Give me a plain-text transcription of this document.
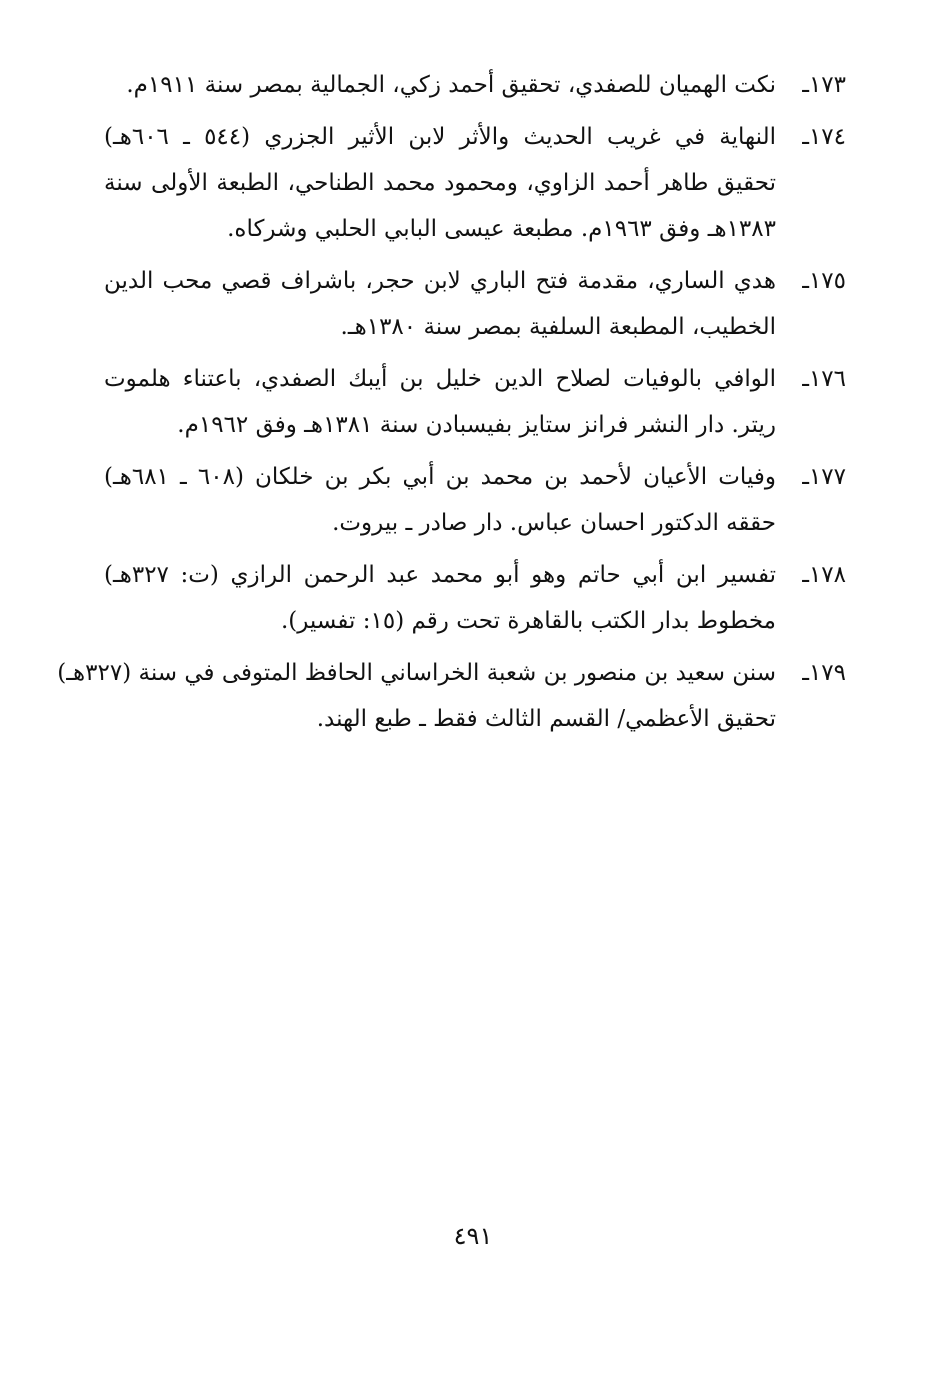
١٧٣ـ
نكت الهميان للصفدي، تحقيق أحمد زكي، الجمالية بمصر سنة ١٩١١م.
١٧٤ـ
النهاية في غريب الحديث والأثر لابن الأثير الجزري (٥٤٤ ـ ٦٠٦هـ)
تحقيق طاهر أحمد الزاوي، ومحمود محمد الطناحي، الطبعة الأولى سنة
١٣٨٣هـ وفق ١٩٦٣م. مطبعة عيسى البابي الحلبي وشركاه.
١٧٥ـ
هدي الساري، مقدمة فتح الباري لابن حجر، باشراف قصي محب الدين
الخطيب، المطبعة السلفية بمصر سنة ١٣٨٠هـ.
١٧٦ـ
الوافي بالوفيات لصلاح الدين خليل بن أيبك الصفدي، باعتناء هلموت
ريتر. دار النشر فرانز ستايز بفيسبادن سنة ١٣٨١هـ وفق ١٩٦٢م.
١٧٧ـ
وفيات الأعيان لأحمد بن محمد بن أبي بكر بن خلكان (٦٠٨ ـ ٦٨١هـ)
حققه الدكتور احسان عباس. دار صادر ـ بيروت.
١٧٨ـ
تفسير ابن أبي حاتم وهو أبو محمد عبد الرحمن الرازي (ت: ٣٢٧هـ)
مخطوط بدار الكتب بالقاهرة تحت رقم (١٥: تفسير).
١٧٩ـ
سنن سعيد بن منصور بن شعبة الخراساني الحافظ المتوفى في سنة (٣٢٧هـ)
تحقيق الأعظمي/ القسم الثالث فقط ـ طبع الهند.
٤٩١
